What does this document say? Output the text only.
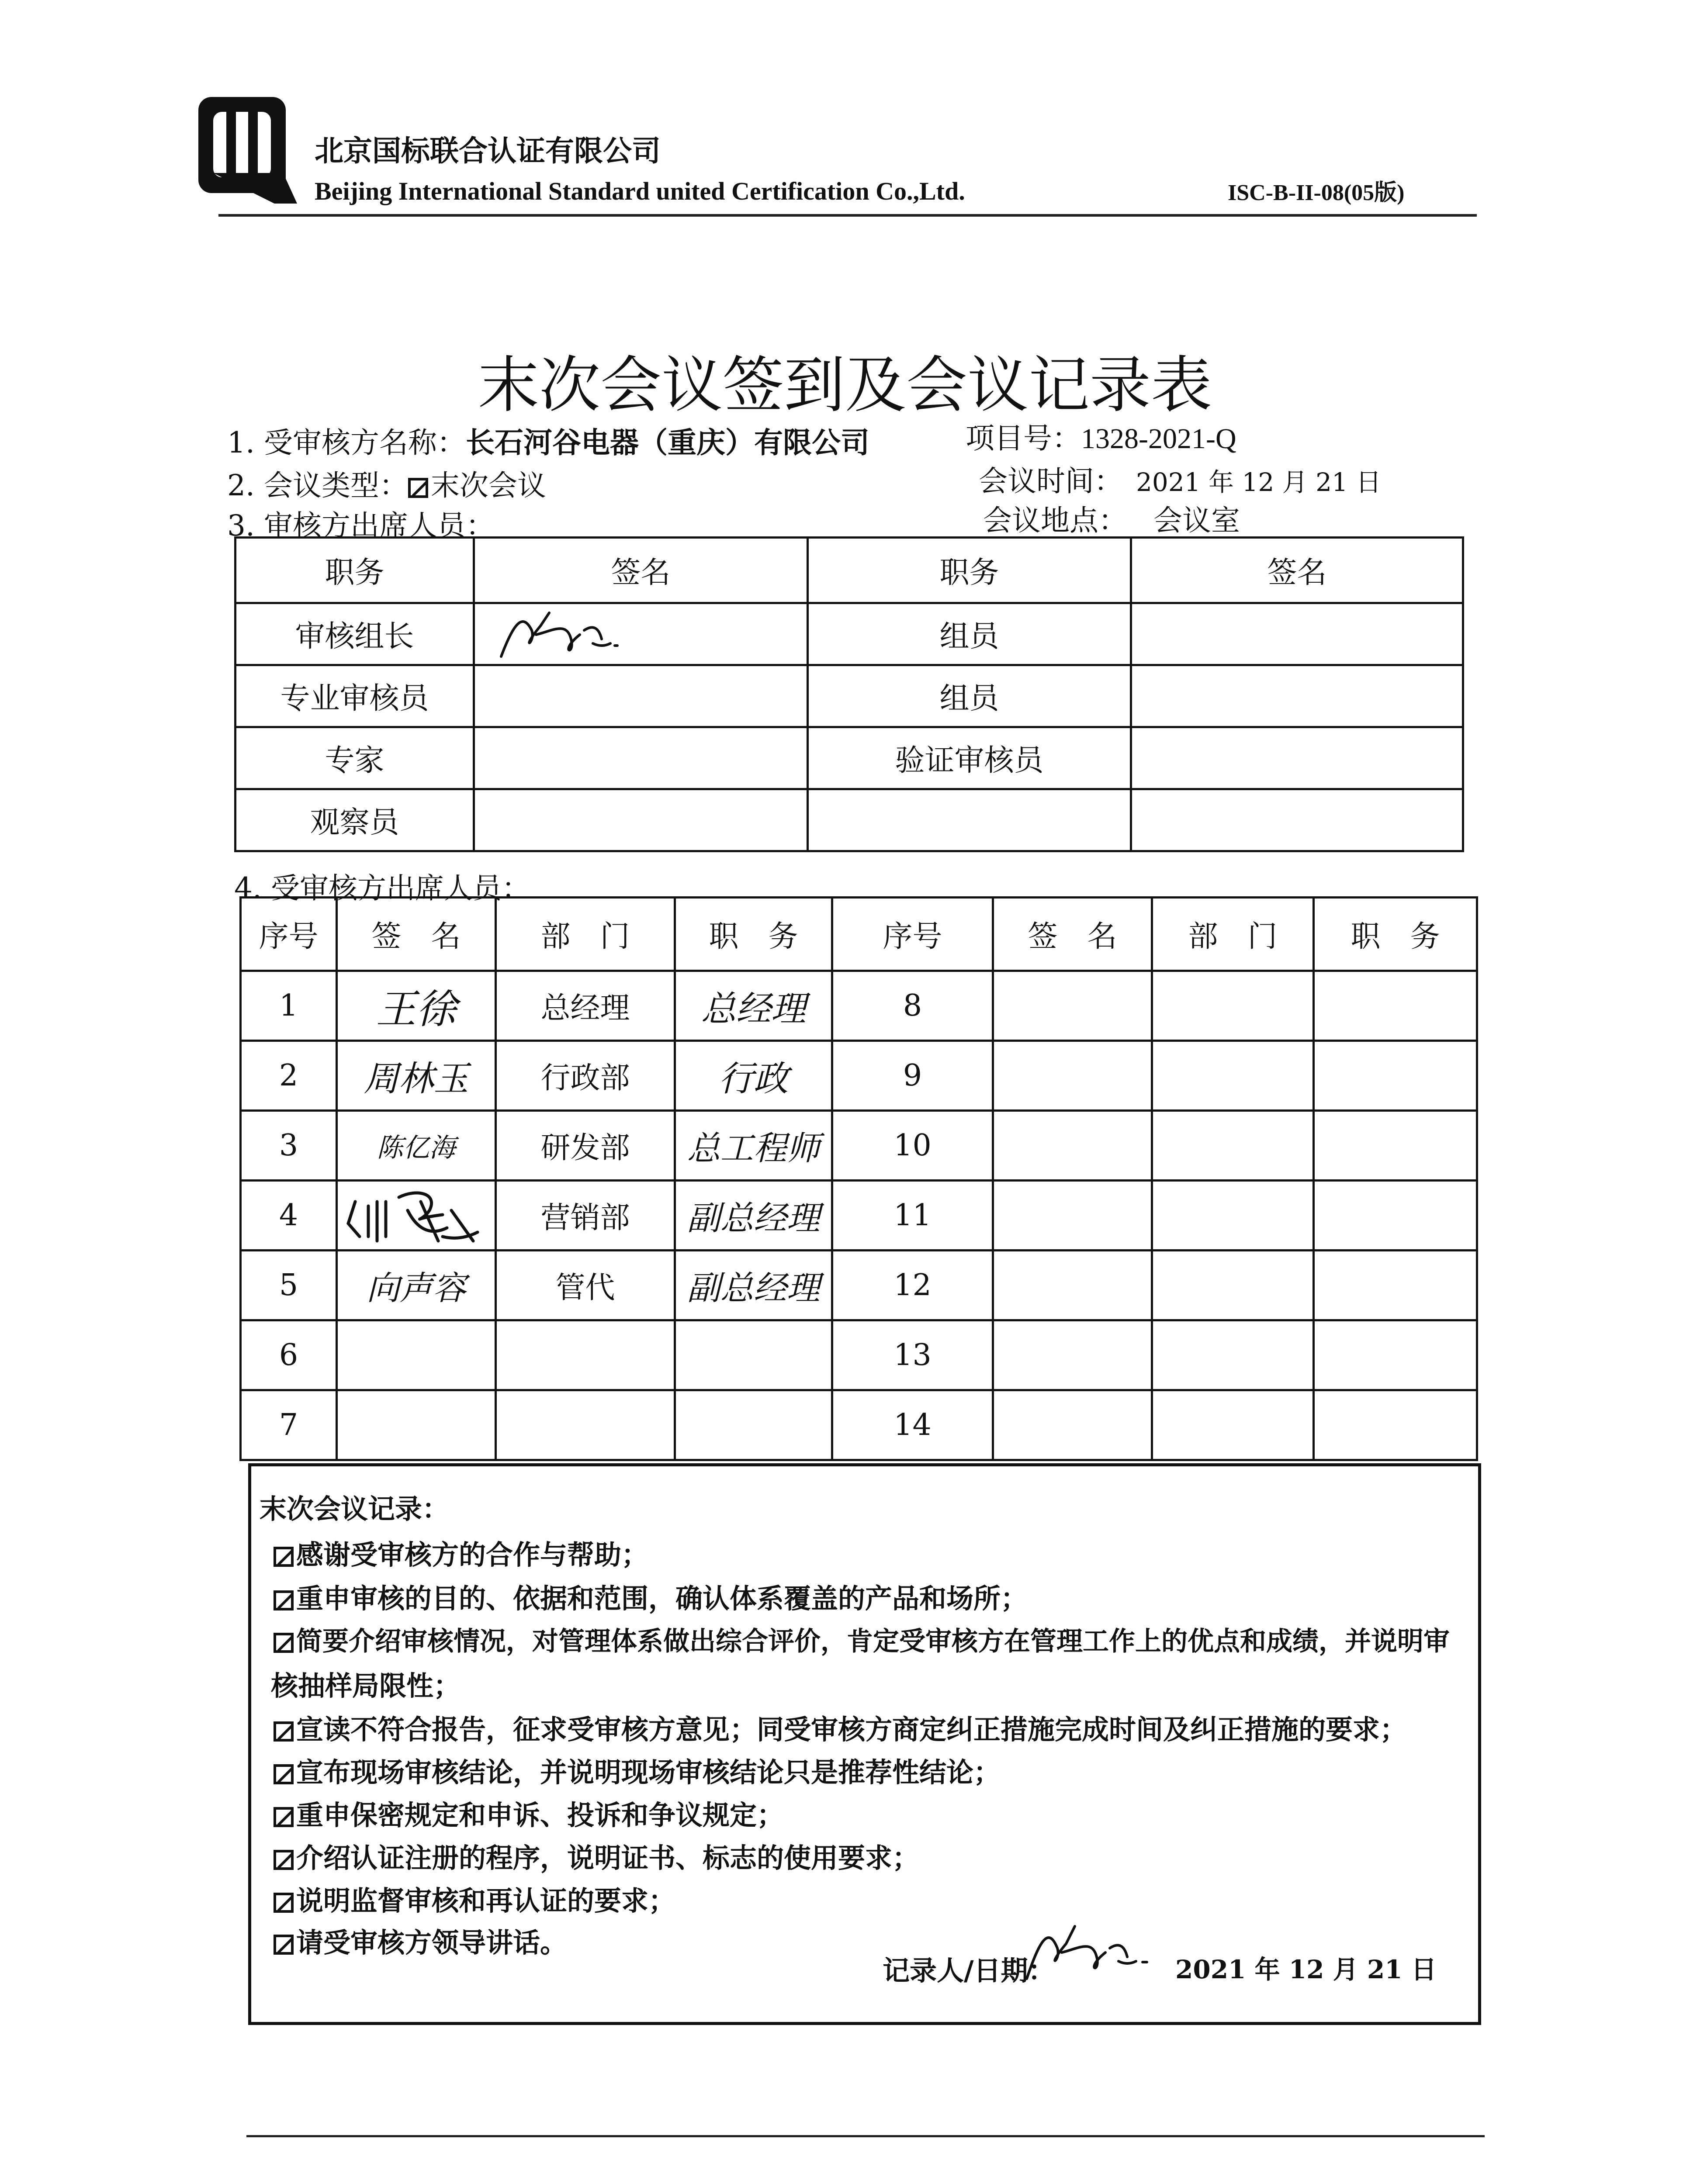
北京国标联合认证有限公司
Beijing International Standard united Certification Co.,Ltd.	ISC-B-II-08(05版)
末次会议签到及会议记录表
1. 受审核方名称：长石河谷电器（重庆）有限公司	项目号：1328-2021-Q
2. 会议类型： 末次会议	会议时间： 2021 年 12 月 21 日
3. 审核方出席人员：	会议地点： 会议室
职务	签名	职务	签名
审核组长		组员	
专业审核员		组员	
专家		验证审核员	
观察员			
4. 受审核方出席人员：
序号	签　名	部　门	职　务	序号	签　名	部　门	职　务
1	王徐	总经理	总经理	8			
2	周林玉	行政部	行政	9			
3	陈亿海	研发部	总工程师	10			
4		营销部	副总经理	11			
5	向声容	管代	副总经理	12			
6				13			
7				14			
末次会议记录：
感谢受审核方的合作与帮助；
重申审核的目的、依据和范围，确认体系覆盖的产品和场所；
简要介绍审核情况，对管理体系做出综合评价，肯定受审核方在管理工作上的优点和成绩，并说明审
核抽样局限性；
宣读不符合报告，征求受审核方意见；同受审核方商定纠正措施完成时间及纠正措施的要求；
宣布现场审核结论，并说明现场审核结论只是推荐性结论；
重申保密规定和申诉、投诉和争议规定；
介绍认证注册的程序，说明证书、标志的使用要求；
说明监督审核和再认证的要求；
请受审核方领导讲话。
记录人/日期：	2021 年 12 月 21 日
